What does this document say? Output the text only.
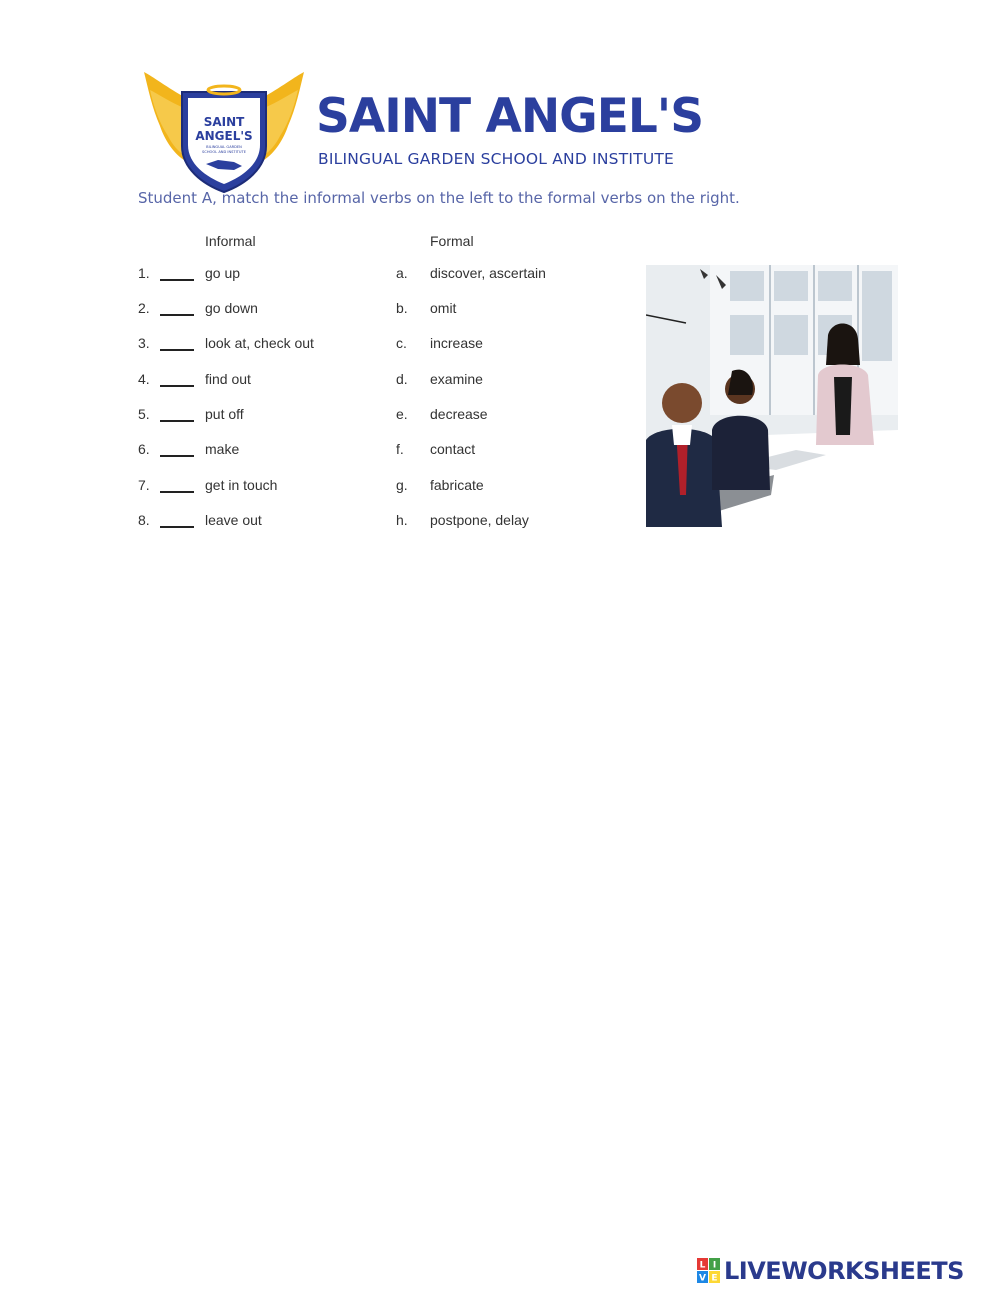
SAINT
ANGEL'S
BILINGUAL GARDEN
SCHOOL AND INSTITUTE
SAINT ANGEL'S
BILINGUAL GARDEN SCHOOL AND INSTITUTE
Student A, match the informal verbs on the left to the formal verbs on the right.
Informal	Formal
1.	go up	a. discover, ascertain
2.	go down	b. omit
3.	look at, check out	c. increase
4.	find out	d. examine
5.	put off	e. decrease
6.	make	f. contact
7.	get in touch	g. fabricate
8.	leave out	h. postpone, delay
L I
V E LIVEWORKSHEETS
